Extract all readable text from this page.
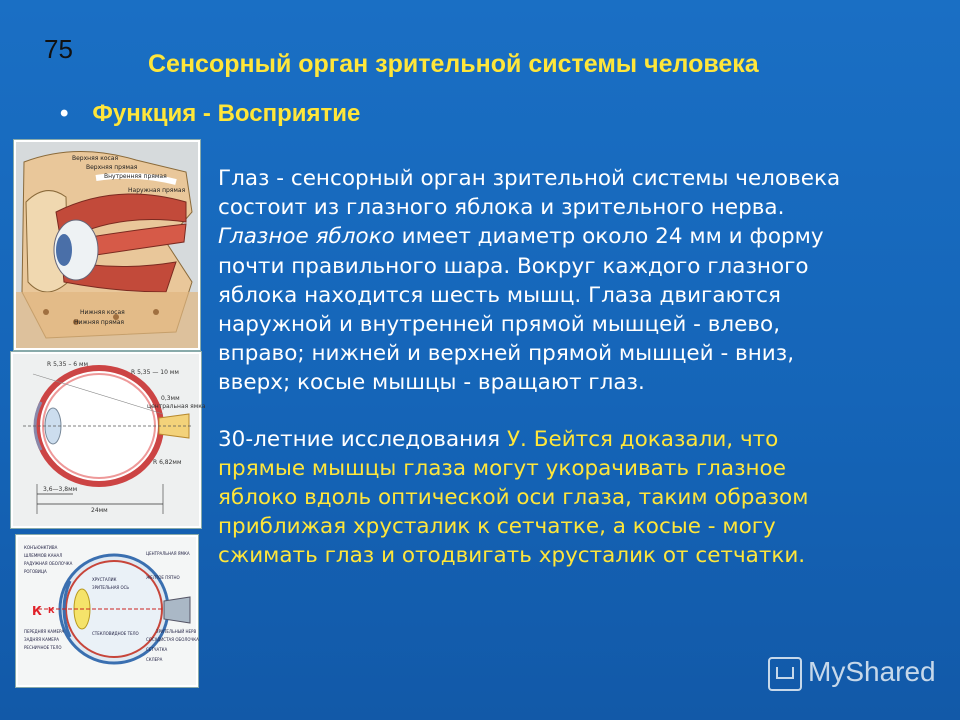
75	Сенсорный орган зрительной системы человека
• Функция - Восприятие
Верхняя косая
Верхняя прямая
Внутренняя прямая
Наружная прямая
Нижняя косая
Нижняя прямая
R 5,35 – 6 мм
R 5,35 — 10 мм
0,3мм
центральная ямка
R 6,82мм
3,6—3,8мм
24мм
КОНЪЮНКТИВА
ШЛЕММОВ КАНАЛ
РАДУЖНАЯ ОБОЛОЧКА
РОГОВИЦА
ПЕРЕДНЯЯ КАМЕРА
ЗАДНЯЯ КАМЕРА
РЕСНИЧНОЕ ТЕЛО
ХРУСТАЛИК
ЗРИТЕЛЬНАЯ ОСЬ
СТЕКЛОВИДНОЕ ТЕЛО
ЦЕНТРАЛЬНАЯ ЯМКА
ЖЕЛТОЕ ПЯТНО
СОСУДИСТАЯ ОБОЛОЧКА
СЕТЧАТКА
СКЛЕРА
ЗРИТЕЛЬНЫЙ НЕРВ
К К

Глаз - сенсорный орган зрительной системы человека
состоит из глазного яблока и зрительного нерва.
Глазное яблоко имеет диаметр около 24 мм и форму
почти правильного шара. Вокруг каждого глазного
яблока находится шесть мышц. Глаза двигаются
наружной и внутренней прямой мышцей - влево,
вправо; нижней и верхней прямой мышцей - вниз,
вверх; косые мышцы - вращают глаз.

30-летние исследования У. Бейтся доказали, что
прямые мышцы глаза могут укорачивать глазное
яблоко вдоль оптической оси глаза, таким образом
приближая хрусталик к сетчатке, а косые - могу
сжимать глаз и отодвигать хрусталик от сетчатки.

MyShared
